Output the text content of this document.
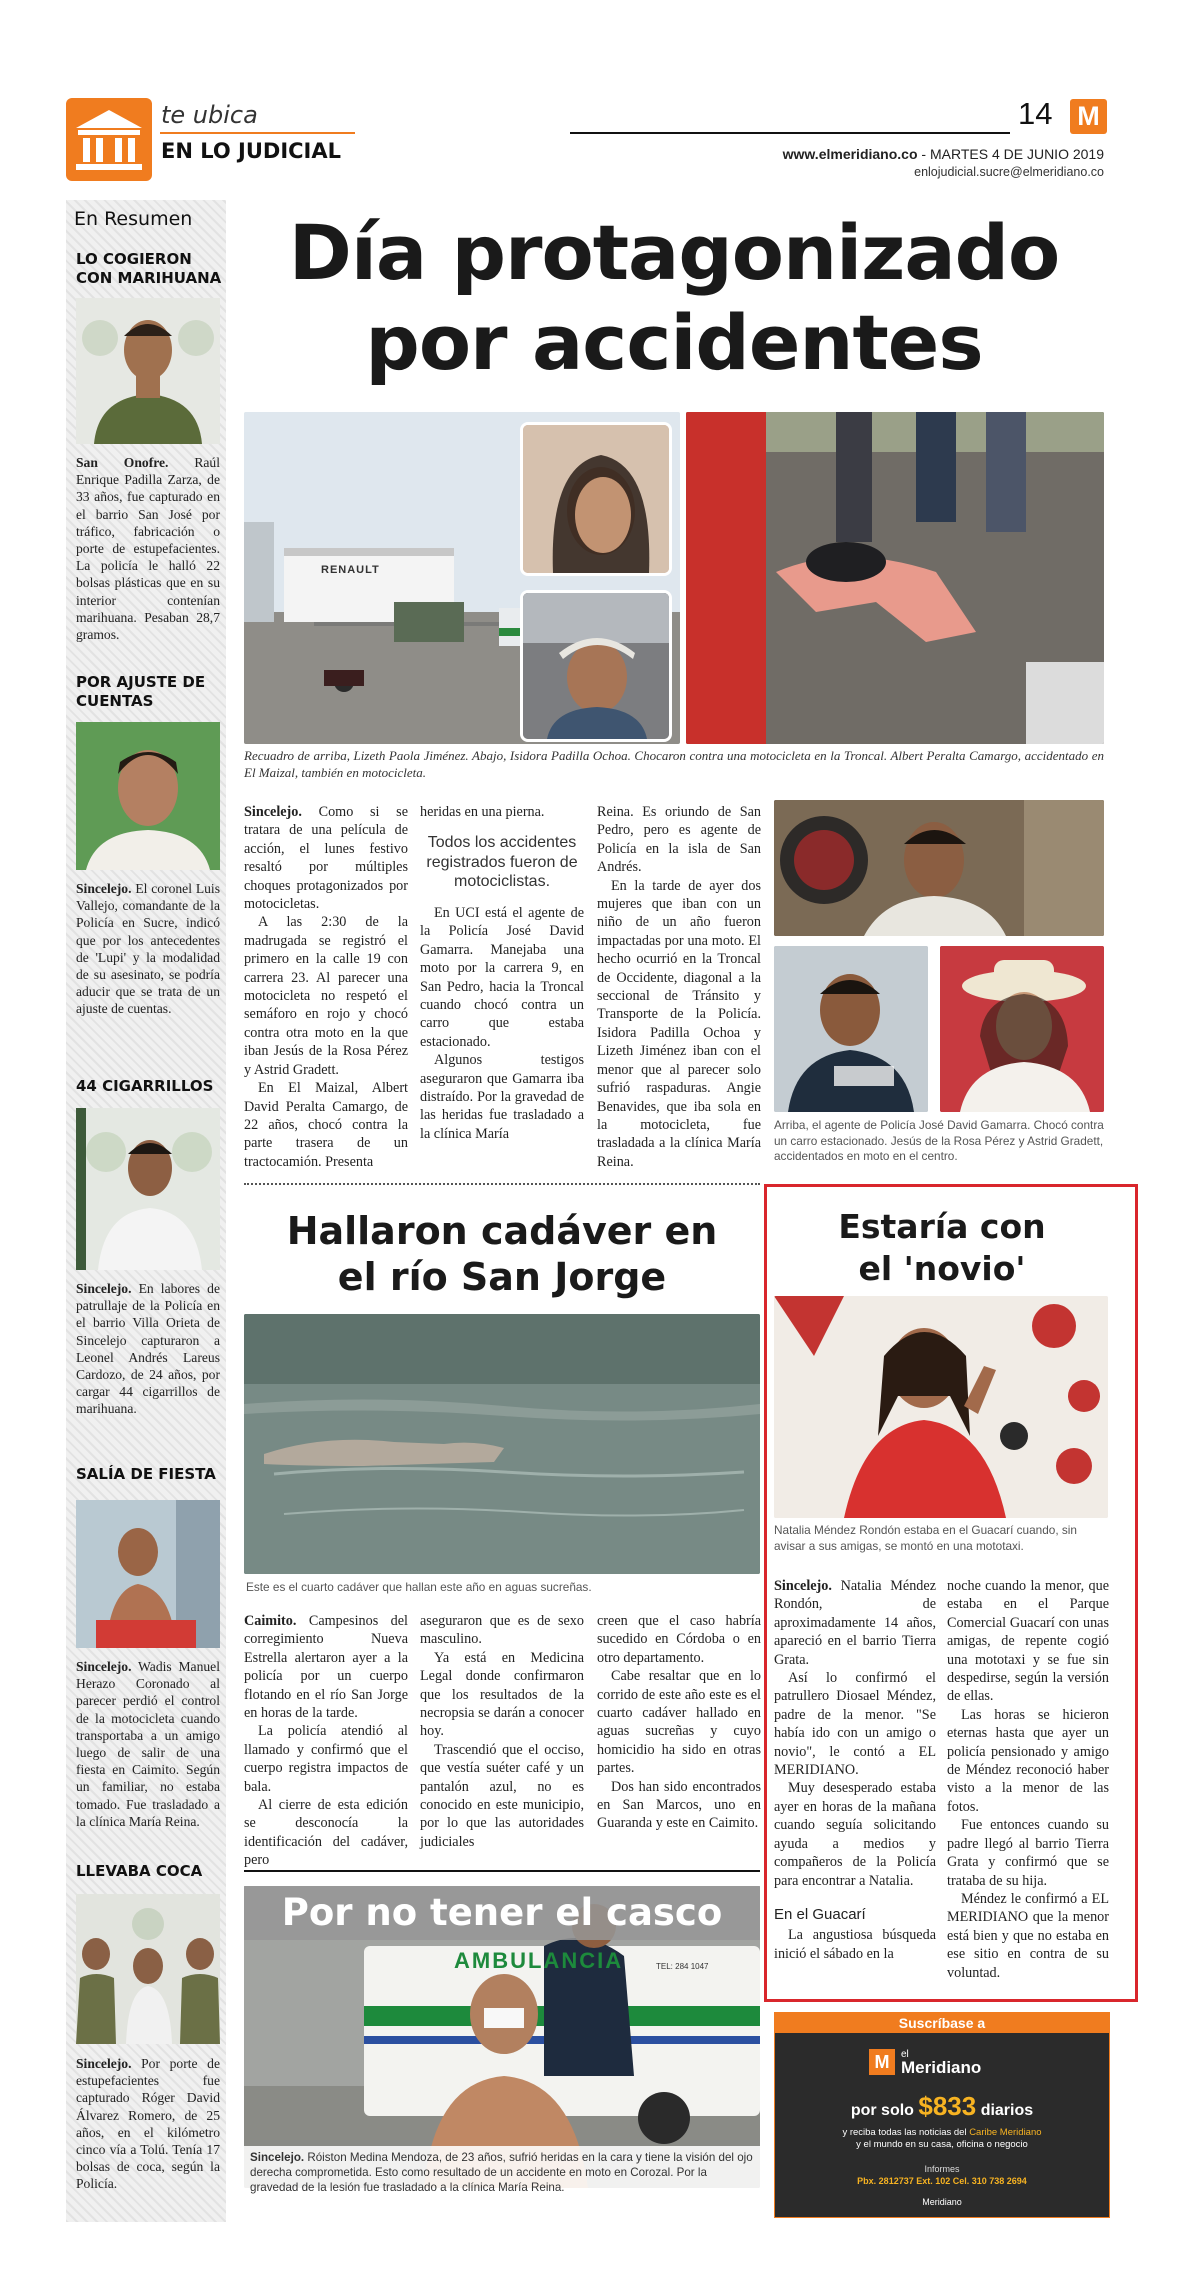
te ubica
EN LO JUDICIAL
14 M
www.elmeridiano.co - MARTES 4 DE JUNIO 2019
enlojudicial.sucre@elmeridiano.co
En Resumen
LO COGIERON CON MARIHUANA
San Onofre. Raúl Enrique Padilla Zarza, de 33 años, fue capturado en el barrio San José por tráfico, fabricación o porte de estupefacientes. La policía le halló 22 bolsas plásticas que en su interior contenían marihuana. Pesaban 28,7 gramos.
POR AJUSTE DE CUENTAS
Sincelejo. El coronel Luis Vallejo, comandante de la Policía en Sucre, indicó que por los antecedentes de 'Lupi' y la modalidad de su asesinato, se podría aducir que se trata de un ajuste de cuentas.
44 CIGARRILLOS
Sincelejo. En labores de patrullaje de la Policía en el barrio Villa Orieta de Sincelejo capturaron a Leonel Andrés Lareus Cardozo, de 24 años, por cargar 44 cigarrillos de marihuana.
SALÍA DE FIESTA
Sincelejo. Wadis Manuel Herazo Coronado al parecer perdió el control de la motocicleta cuando transportaba a un amigo luego de salir de una fiesta en Caimito. Según un familiar, no estaba tomado. Fue trasladado a la clínica María Reina.
LLEVABA COCA
Sincelejo. Por porte de estupefacientes fue capturado Róger David Álvarez Romero, de 25 años, en el kilómetro cinco vía a Tolú. Tenía 17 bolsas de coca, según la Policía.
Día protagonizado
por accidentes
RENAULT
Recuadro de arriba, Lizeth Paola Jiménez. Abajo, Isidora Padilla Ochoa. Chocaron contra una motocicleta en la Troncal. Albert Peralta Camargo, accidentado en El Maizal, también en motocicleta.

Sincelejo. Como si se tratara de una película de acción, el lunes festivo resaltó por múltiples choques protagonizados por motocicletas.

A las 2:30 de la madrugada se registró el primero en la calle 19 con carrera 23. Al parecer una motocicleta no respetó el semáforo en rojo y chocó contra otra moto en la que iban Jesús de la Rosa Pérez y Astrid Gradett.

En El Maizal, Albert David Peralta Camargo, de 22 años, chocó contra la parte trasera de un tractocamión. Presenta

heridas en una pierna.

Todos los accidentes registrados fueron de motociclistas.

En UCI está el agente de la Policía José David Gamarra. Manejaba una moto por la carrera 9, en San Pedro, hacia la Troncal cuando chocó contra un carro que estaba estacionado.

Algunos testigos aseguraron que Gamarra iba distraído. Por la gravedad de las heridas fue trasladado a la clínica María

Reina. Es oriundo de San Pedro, pero es agente de Policía en la isla de San Andrés.

En la tarde de ayer dos mujeres que iban con un niño de un año fueron impactadas por una moto. El hecho ocurrió en la Troncal de Occidente, diagonal a la seccional de Tránsito y Transporte de la Policía. Isidora Padilla Ochoa y Lizeth Jiménez iban con el menor que al parecer solo sufrió raspaduras. Angie Benavides, que iba sola en la motocicleta, fue trasladada a la clínica María Reina.

Arriba, el agente de Policía José David Gamarra. Chocó contra un carro estacionado. Jesús de la Rosa Pérez y Astrid Gradett, accidentados en moto en el centro.
Hallaron cadáver en
el río San Jorge
Este es el cuarto cadáver que hallan este año en aguas sucreñas.

Caimito. Campesinos del corregimiento Nueva Estrella alertaron ayer a la policía por un cuerpo flotando en el río San Jorge en horas de la tarde.

La policía atendió al llamado y confirmó que el cuerpo registra impactos de bala.

Al cierre de esta edición se desconocía la identificación del cadáver, pero

aseguraron que es de sexo masculino.

Ya está en Medicina Legal donde confirmaron que los resultados de la necropsia se darán a conocer hoy.

Trascendió que el occiso, que vestía suéter café y un pantalón azul, no es conocido en este municipio, por lo que las autoridades judiciales

creen que el caso habría sucedido en Córdoba o en otro departamento.

Cabe resaltar que en lo corrido de este año este es el cuarto cadáver hallado en aguas sucreñas y cuyo homicidio ha sido en otras partes.

Dos han sido encontrados en San Marcos, uno en Guaranda y este en Caimito.

AMBULANCIA	TEL: 284 1047
Por no tener el casco
Sincelejo. Róiston Medina Mendoza, de 23 años, sufrió heridas en la cara y tiene la visión del ojo derecha comprometida. Esto como resultado de un accidente en moto en Corozal. Por la gravedad de la lesión fue trasladado a la clínica María Reina.
Estaría con
el 'novio'
Natalia Méndez Rondón estaba en el Guacarí cuando, sin avisar a sus amigas, se montó en una mototaxi.

Sincelejo. Natalia Méndez Rondón, de aproximadamente 14 años, apareció en el barrio Tierra Grata.

Así lo confirmó el patrullero Diosael Méndez, padre de la menor. "Se había ido con un amigo o novio", le contó a EL MERIDIANO.

Muy desesperado estaba ayer en horas de la mañana cuando seguía solicitando ayuda a medios y compañeros de la Policía para encontrar a Natalia.

En el Guacarí

La angustiosa búsqueda inició el sábado en la

noche cuando la menor, que estaba en el Parque Comercial Guacarí con unas amigas, de repente cogió una mototaxi y se fue sin despedirse, según la versión de ellas.

Las horas se hicieron eternas hasta que ayer un policía pensionado y amigo de Méndez reconoció haber visto a la menor de las fotos.

Fue entonces cuando su padre llegó al barrio Tierra Grata y confirmó que se trataba de su hija.

Méndez le confirmó a EL MERIDIANO que la menor está bien y que no estaba en ese sitio en contra de su voluntad.

Suscríbase a
M	el
Meridiano
por solo $833 diarios
y reciba todas las noticias del Caribe Meridiano
y el mundo en su casa, oficina o negocio
Informes
Pbx. 2812737 Ext. 102 Cel. 310 738 2694
Meridiano
